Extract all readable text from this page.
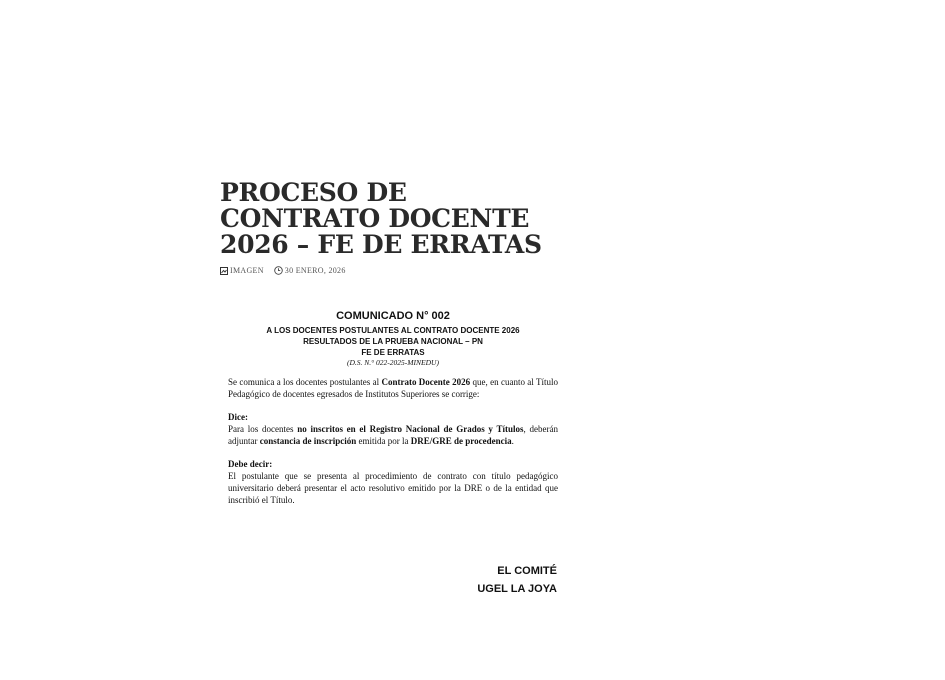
PROCESO DE CONTRATO DOCENTE 2026 – FE DE ERRATAS
IMAGEN	30 ENERO, 2026
COMUNICADO N° 002
A LOS DOCENTES POSTULANTES AL CONTRATO DOCENTE 2026
RESULTADOS DE LA PRUEBA NACIONAL – PN
FE DE ERRATAS
(D.S. N.° 022-2025-MINEDU)

Se comunica a los docentes postulantes al Contrato Docente 2026 que, en cuanto al Título Pedagógico de docentes egresados de Institutos Superiores se corrige:

Dice:

Para los docentes no inscritos en el Registro Nacional de Grados y Títulos, deberán adjuntar constancia de inscripción emitida por la DRE/GRE de procedencia.

Debe decir:

El postulante que se presenta al procedimiento de contrato con título pedagógico universitario deberá presentar el acto resolutivo emitido por la DRE o de la entidad que inscribió el Título.

EL COMITÉ
UGEL LA JOYA
